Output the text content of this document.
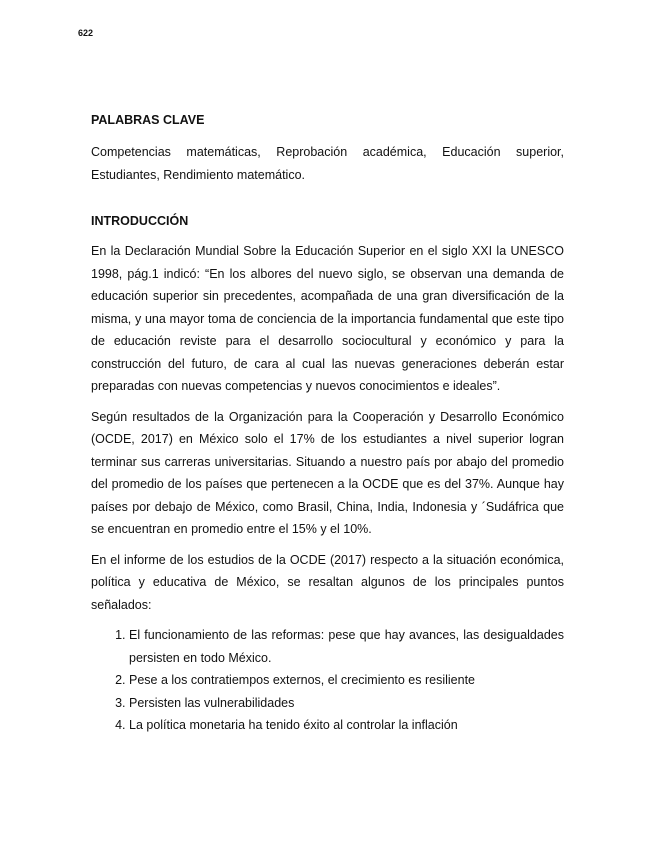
622
PALABRAS CLAVE

Competencias matemáticas, Reprobación académica, Educación superior, Estudiantes, Rendimiento matemático.

INTRODUCCIÓN

En la Declaración Mundial Sobre la Educación Superior en el siglo XXI la UNESCO 1998, pág.1 indicó: “En los albores del nuevo siglo, se observan una demanda de educación superior sin precedentes, acompañada de una gran diversificación de la misma, y una mayor toma de conciencia de la importancia fundamental que este tipo de educación reviste para el desarrollo sociocultural y económico y para la construcción del futuro, de cara al cual las nuevas generaciones deberán estar preparadas con nuevas competencias y nuevos conocimientos e ideales”.

Según resultados de la Organización para la Cooperación y Desarrollo Económico (OCDE, 2017) en México solo el 17% de los estudiantes a nivel superior logran terminar sus carreras universitarias. Situando a nuestro país por abajo del promedio del promedio de los países que pertenecen a la OCDE que es del 37%. Aunque hay países por debajo de México, como Brasil, China, India, Indonesia y ´Sudáfrica que se encuentran en promedio entre el 15% y el 10%.

En el informe de los estudios de la OCDE (2017) respecto a la situación económica, política y educativa de México, se resaltan algunos de los principales puntos señalados:

1. El funcionamiento de las reformas: pese que hay avances, las desigualdades persisten en todo México.
2. Pese a los contratiempos externos, el crecimiento es resiliente
3. Persisten las vulnerabilidades
4. La política monetaria ha tenido éxito al controlar la inflación
